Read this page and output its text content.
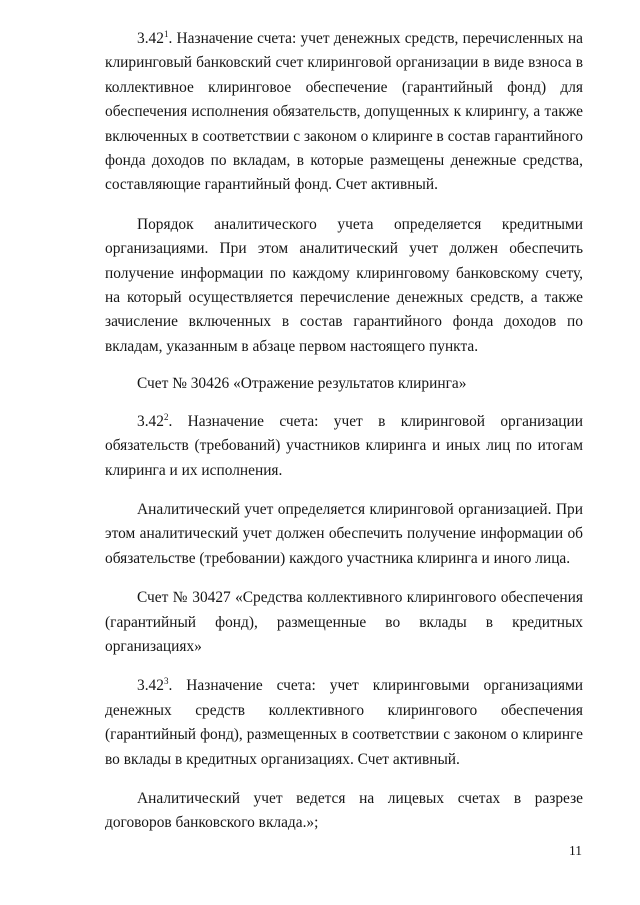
3.42$^1$. Назначение счета: учет денежных средств, перечисленных на клиринговый банковский счет клиринговой организации в виде взноса в коллективное клиринговое обеспечение (гарантийный фонд) для обеспечения исполнения обязательств, допущенных к клирингу, а также включенных в соответствии с законом о клиринге в состав гарантийного фонда доходов по вкладам, в которые размещены денежные средства, составляющие гарантийный фонд. Счет активный.

Порядок аналитического учета определяется кредитными организациями. При этом аналитический учет должен обеспечить получение информации по каждому клиринговому банковскому счету, на который осуществляется перечисление денежных средств, а также зачисление включенных в состав гарантийного фонда доходов по вкладам, указанным в абзаце первом настоящего пункта.

Счет № 30426 «Отражение результатов клиринга»

3.42$^2$. Назначение счета: учет в клиринговой организации обязательств (требований) участников клиринга и иных лиц по итогам клиринга и их исполнения.

Аналитический учет определяется клиринговой организацией. При этом аналитический учет должен обеспечить получение информации об обязательстве (требовании) каждого участника клиринга и иного лица.

Счет № 30427 «Средства коллективного клирингового обеспечения (гарантийный фонд), размещенные во вклады в кредитных организациях»

3.42$^3$. Назначение счета: учет клиринговыми организациями денежных средств коллективного клирингового обеспечения (гарантийный фонд), размещенных в соответствии с законом о клиринге во вклады в кредитных организациях. Счет активный.

Аналитический учет ведется на лицевых счетах в разрезе договоров банковского вклада.»;

11
